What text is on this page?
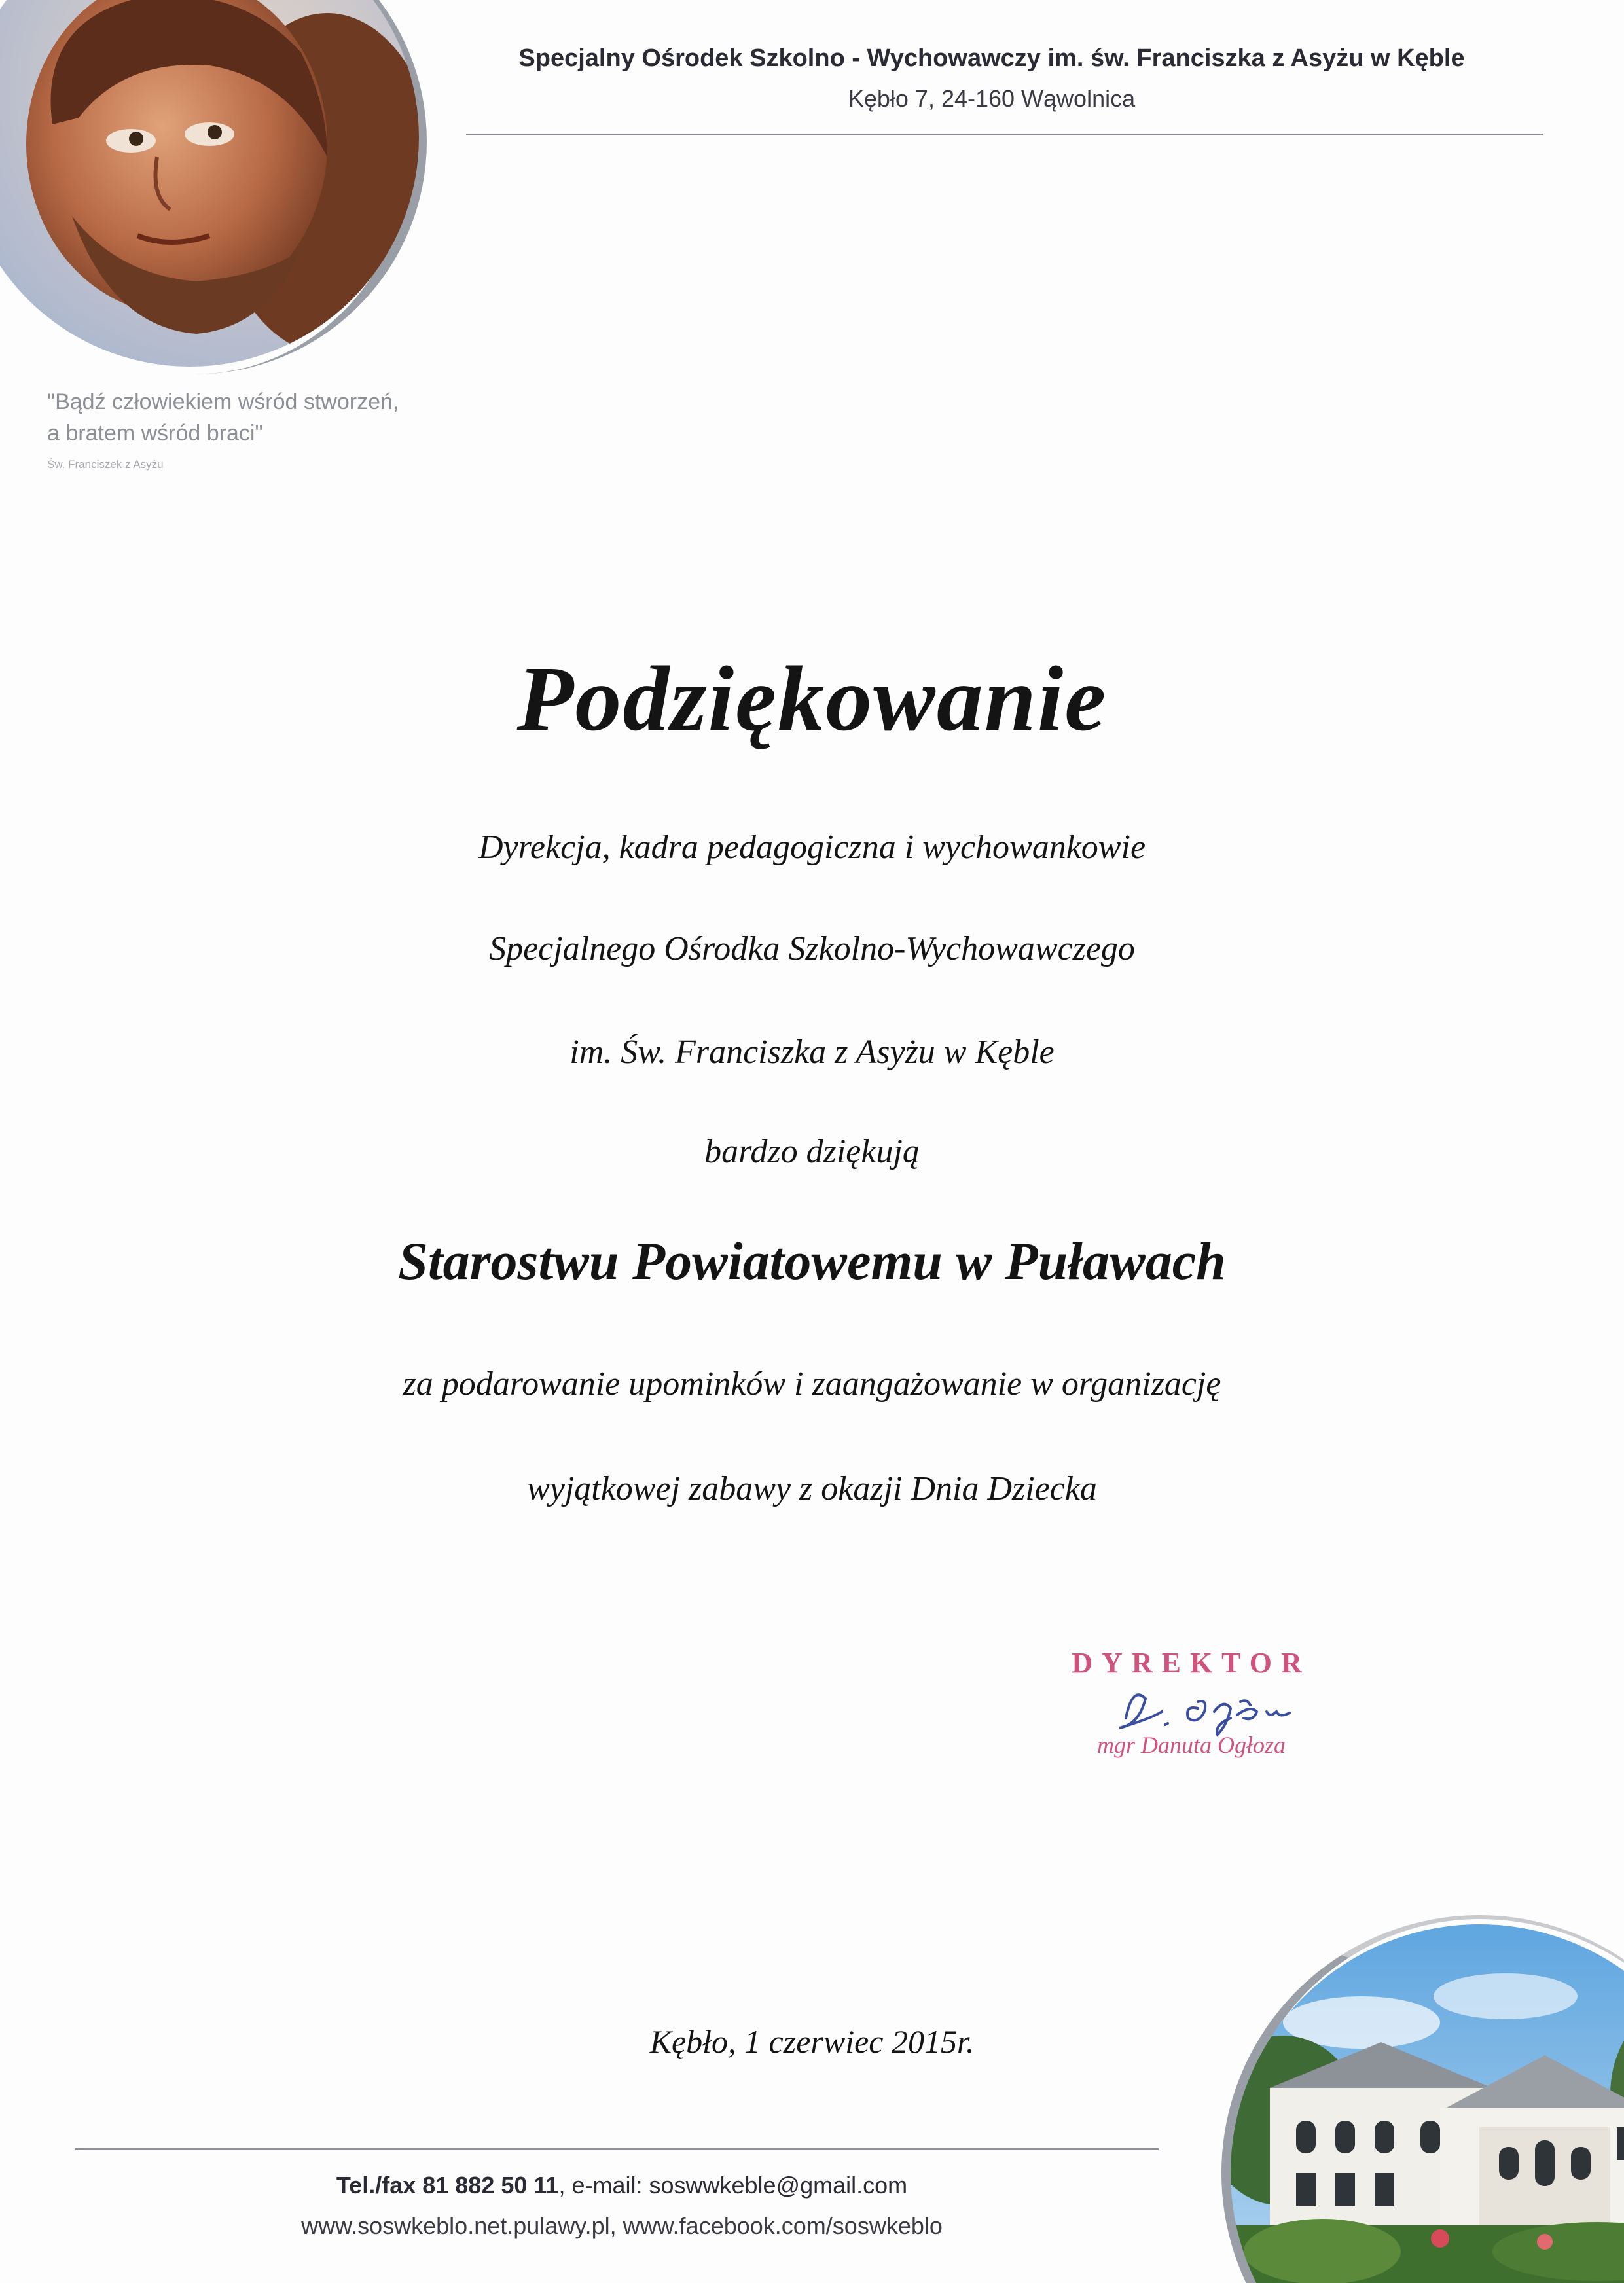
"Bądź człowiekiem wśród stworzeń,
a bratem wśród braci"
Św. Franciszek z Asyżu
Specjalny Ośrodek Szkolno - Wychowawczy im. św. Franciszka z Asyżu w Kęble
Kębło 7, 24-160 Wąwolnica
Podziękowanie
Dyrekcja, kadra pedagogiczna i wychowankowie
Specjalnego Ośrodka Szkolno-Wychowawczego
im. Św. Franciszka z Asyżu w Kęble
bardzo dziękują
Starostwu Powiatowemu w Puławach
za podarowanie upominków i zaangażowanie w organizację
wyjątkowej zabawy z okazji Dnia Dziecka
DYREKTOR
mgr Danuta Ogłoza
Kębło, 1 czerwiec 2015r.
Tel./fax 81 882 50 11, e-mail: soswwkeble@gmail.com
www.soswkeblo.net.pulawy.pl, www.facebook.com/soswkeblo
